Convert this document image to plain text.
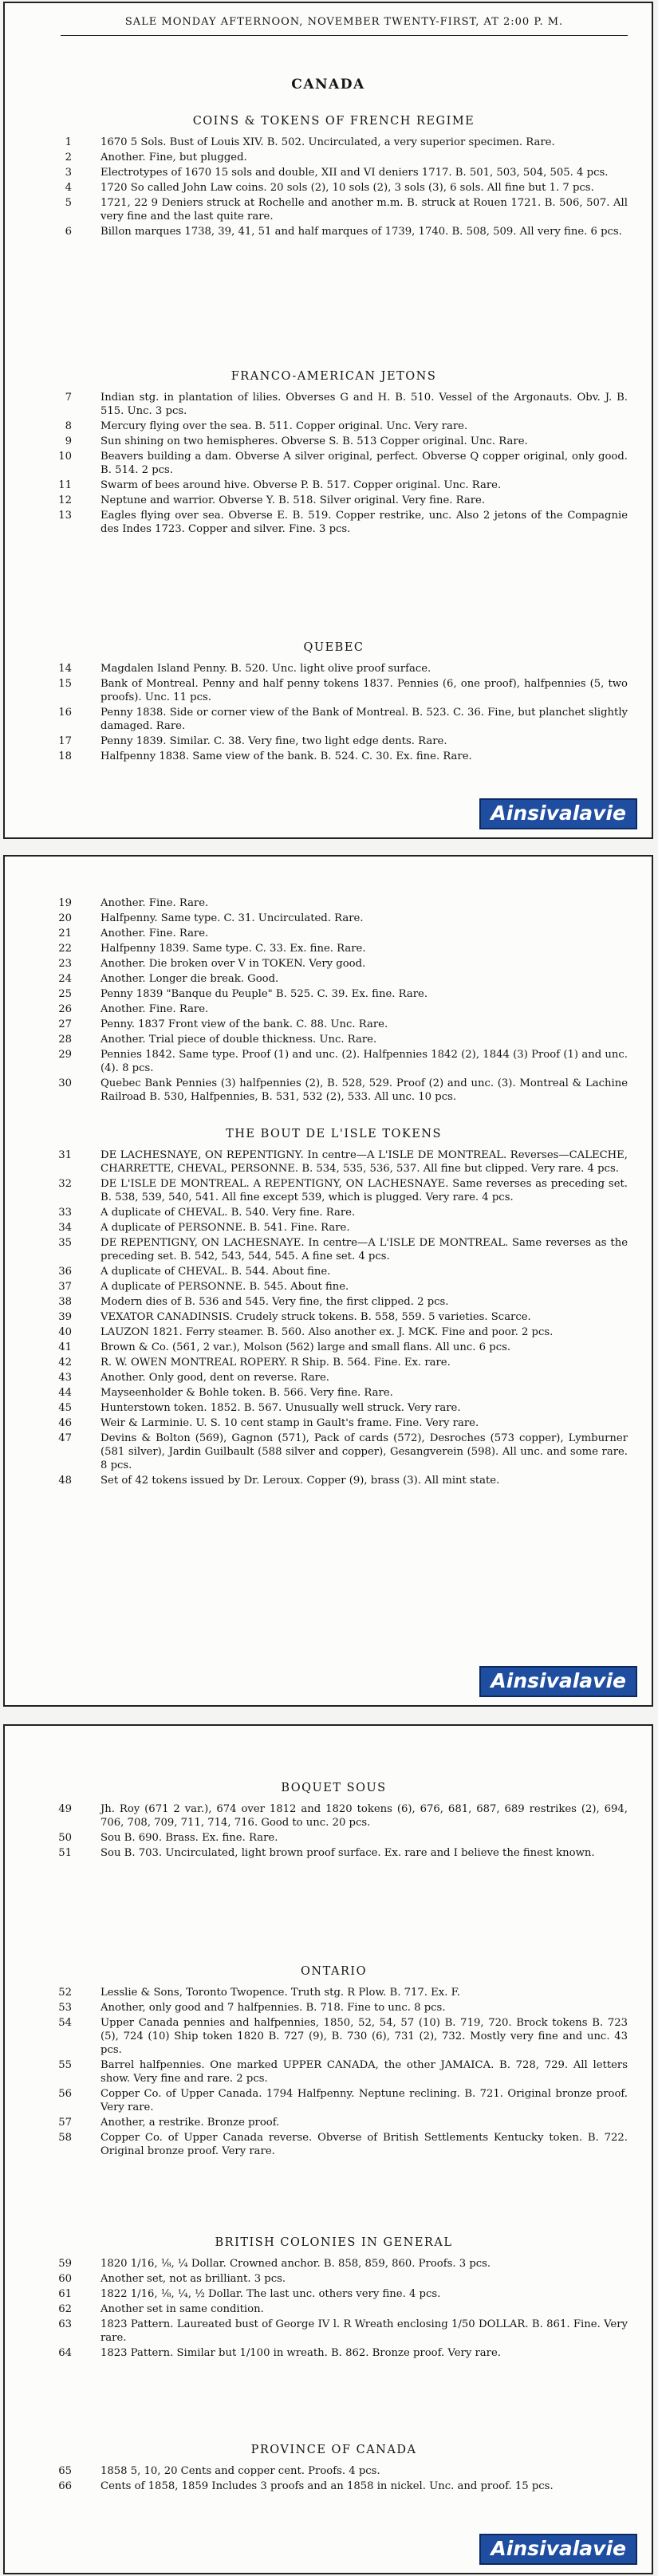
SALE MONDAY AFTERNOON, NOVEMBER TWENTY-FIRST, AT 2:00 P. M.
CANADA
COINS & TOKENS OF FRENCH REGIME
1	1670 5 Sols. Bust of Louis XIV. B. 502. Uncirculated, a very superior specimen. Rare.
2	Another. Fine, but plugged.
3	Electrotypes of 1670 15 sols and double, XII and VI deniers 1717. B. 501, 503, 504, 505. 4 pcs.
4	1720 So called John Law coins. 20 sols (2), 10 sols (2), 3 sols (3), 6 sols. All fine but 1. 7 pcs.
5	1721, 22 9 Deniers struck at Rochelle and another m.m. B. struck at Rouen 1721. B. 506, 507. All very fine and the last quite rare.
6	Billon marques 1738, 39, 41, 51 and half marques of 1739, 1740. B. 508, 509. All very fine. 6 pcs.
FRANCO-AMERICAN JETONS
7	Indian stg. in plantation of lilies. Obverses G and H. B. 510. Vessel of the Argonauts. Obv. J. B. 515. Unc. 3 pcs.
8	Mercury flying over the sea. B. 511. Copper original. Unc. Very rare.
9	Sun shining on two hemispheres. Obverse S. B. 513 Copper original. Unc. Rare.
10	Beavers building a dam. Obverse A silver original, perfect. Obverse Q copper original, only good. B. 514. 2 pcs.
11	Swarm of bees around hive. Obverse P. B. 517. Copper original. Unc. Rare.
12	Neptune and warrior. Obverse Y. B. 518. Silver original. Very fine. Rare.
13	Eagles flying over sea. Obverse E. B. 519. Copper restrike, unc. Also 2 jetons of the Compagnie des Indes 1723. Copper and silver. Fine. 3 pcs.
QUEBEC
14	Magdalen Island Penny. B. 520. Unc. light olive proof surface.
15	Bank of Montreal. Penny and half penny tokens 1837. Pennies (6, one proof), halfpennies (5, two proofs). Unc. 11 pcs.
16	Penny 1838. Side or corner view of the Bank of Montreal. B. 523. C. 36. Fine, but planchet slightly damaged. Rare.
17	Penny 1839. Similar. C. 38. Very fine, two light edge dents. Rare.
18	Halfpenny 1838. Same view of the bank. B. 524. C. 30. Ex. fine. Rare.
Ainsivalavie
19	Another. Fine. Rare.
20	Halfpenny. Same type. C. 31. Uncirculated. Rare.
21	Another. Fine. Rare.
22	Halfpenny 1839. Same type. C. 33. Ex. fine. Rare.
23	Another. Die broken over V in TOKEN. Very good.
24	Another. Longer die break. Good.
25	Penny 1839 "Banque du Peuple" B. 525. C. 39. Ex. fine. Rare.
26	Another. Fine. Rare.
27	Penny. 1837 Front view of the bank. C. 88. Unc. Rare.
28	Another. Trial piece of double thickness. Unc. Rare.
29	Pennies 1842. Same type. Proof (1) and unc. (2). Halfpennies 1842 (2), 1844 (3) Proof (1) and unc. (4). 8 pcs.
30	Quebec Bank Pennies (3) halfpennies (2), B. 528, 529. Proof (2) and unc. (3). Montreal & Lachine Railroad B. 530, Halfpennies, B. 531, 532 (2), 533. All unc. 10 pcs.
THE BOUT DE L'ISLE TOKENS
31	DE LACHESNAYE, ON REPENTIGNY. In centre—A L'ISLE DE MONTREAL. Reverses—CALECHE, CHARRETTE, CHEVAL, PERSONNE. B. 534, 535, 536, 537. All fine but clipped. Very rare. 4 pcs.
32	DE L'ISLE DE MONTREAL. A REPENTIGNY, ON LACHESNAYE. Same reverses as preceding set. B. 538, 539, 540, 541. All fine except 539, which is plugged. Very rare. 4 pcs.
33	A duplicate of CHEVAL. B. 540. Very fine. Rare.
34	A duplicate of PERSONNE. B. 541. Fine. Rare.
35	DE REPENTIGNY, ON LACHESNAYE. In centre—A L'ISLE DE MONTREAL. Same reverses as the preceding set. B. 542, 543, 544, 545. A fine set. 4 pcs.
36	A duplicate of CHEVAL. B. 544. About fine.
37	A duplicate of PERSONNE. B. 545. About fine.
38	Modern dies of B. 536 and 545. Very fine, the first clipped. 2 pcs.
39	VEXATOR CANADINSIS. Crudely struck tokens. B. 558, 559. 5 varieties. Scarce.
40	LAUZON 1821. Ferry steamer. B. 560. Also another ex. J. MCK. Fine and poor. 2 pcs.
41	Brown & Co. (561, 2 var.), Molson (562) large and small flans. All unc. 6 pcs.
42	R. W. OWEN MONTREAL ROPERY. R Ship. B. 564. Fine. Ex. rare.
43	Another. Only good, dent on reverse. Rare.
44	Mayseenholder & Bohle token. B. 566. Very fine. Rare.
45	Hunterstown token. 1852. B. 567. Unusually well struck. Very rare.
46	Weir & Larminie. U. S. 10 cent stamp in Gault's frame. Fine. Very rare.
47	Devins & Bolton (569), Gagnon (571), Pack of cards (572), Desroches (573 copper), Lymburner (581 silver), Jardin Guilbault (588 silver and copper), Gesangverein (598). All unc. and some rare. 8 pcs.
48	Set of 42 tokens issued by Dr. Leroux. Copper (9), brass (3). All mint state.
Ainsivalavie
BOQUET SOUS
49	Jh. Roy (671 2 var.), 674 over 1812 and 1820 tokens (6), 676, 681, 687, 689 restrikes (2), 694, 706, 708, 709, 711, 714, 716. Good to unc. 20 pcs.
50	Sou B. 690. Brass. Ex. fine. Rare.
51	Sou B. 703. Uncirculated, light brown proof surface. Ex. rare and I believe the finest known.
ONTARIO
52	Lesslie & Sons, Toronto Twopence. Truth stg. R Plow. B. 717. Ex. F.
53	Another, only good and 7 halfpennies. B. 718. Fine to unc. 8 pcs.
54	Upper Canada pennies and halfpennies, 1850, 52, 54, 57 (10) B. 719, 720. Brock tokens B. 723 (5), 724 (10) Ship token 1820 B. 727 (9), B. 730 (6), 731 (2), 732. Mostly very fine and unc. 43 pcs.
55	Barrel halfpennies. One marked UPPER CANADA, the other JAMAICA. B. 728, 729. All letters show. Very fine and rare. 2 pcs.
56	Copper Co. of Upper Canada. 1794 Halfpenny. Neptune reclining. B. 721. Original bronze proof. Very rare.
57	Another, a restrike. Bronze proof.
58	Copper Co. of Upper Canada reverse. Obverse of British Settlements Kentucky token. B. 722. Original bronze proof. Very rare.
BRITISH COLONIES IN GENERAL
59	1820 1/16, ⅛, ¼ Dollar. Crowned anchor. B. 858, 859, 860. Proofs. 3 pcs.
60	Another set, not as brilliant. 3 pcs.
61	1822 1/16, ⅛, ¼, ½ Dollar. The last unc. others very fine. 4 pcs.
62	Another set in same condition.
63	1823 Pattern. Laureated bust of George IV l. R Wreath enclosing 1/50 DOLLAR. B. 861. Fine. Very rare.
64	1823 Pattern. Similar but 1/100 in wreath. B. 862. Bronze proof. Very rare.
PROVINCE OF CANADA
65	1858 5, 10, 20 Cents and copper cent. Proofs. 4 pcs.
66	Cents of 1858, 1859 Includes 3 proofs and an 1858 in nickel. Unc. and proof. 15 pcs.
Ainsivalavie
